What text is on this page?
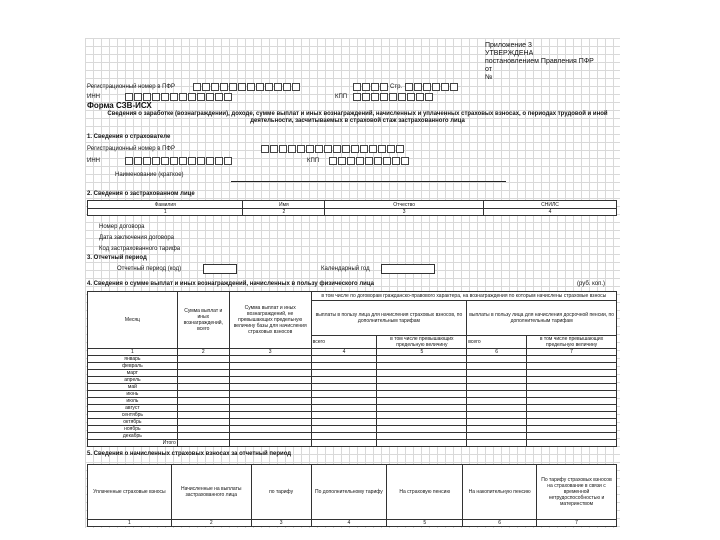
Приложение 3
УТВЕРЖДЕНА
постановлением Правления ПФР
от
№
Регистрационный номер в ПФР	Стр.
ИНН	КПП
Форма СЗВ-ИСХ
Сведения о заработке (вознаграждении), доходе, сумме выплат и иных вознаграждений, начисленных и уплаченных страховых взносах, о периодах трудовой и иной деятельности, засчитываемых в страховой стаж застрахованного лица
1. Сведения о страхователе
Регистрационный номер в ПФР
ИНН	КПП
Наименование (краткое)
2. Сведения о застрахованном лице
Фамилия	Имя	Отчество	СНИЛС
1	2	3	4
Номер договора
Дата заключения договора
Код застрахованного тарифа
3. Отчетный период
Отчетный период (код)	Календарный год
4. Сведения о сумме выплат и иных вознаграждений, начисленных в пользу физического лица	(руб. коп.)
Месяц	Сумма выплат и иных вознаграждений, всего	Сумма выплат и иных вознаграждений, не превышающих предельную величину базы для начисления страховых взносов	в том числе по договорам гражданско-правового характера, на вознаграждения по которым начислены страховые взносы			
			выплаты в пользу лица для начисления страховых взносов, по дополнительным тарифам		выплаты в пользу лица для начисления досрочной пенсии, по дополнительным тарифам	
			всего	в том числе превышающих предельную величину	всего	в том числе превышающих предельную величину
1	2	3	4	5	6	7
январь						
февраль						
март						
апрель						
май						
июнь						
июль						
август						
сентябрь						
октябрь						
ноябрь						
декабрь						
Итого						
5. Сведения о начисленных страховых взносах за отчетный период
Уплаченные страховые взносы	Начисленные на выплаты застрахованного лица	по тарифу	По дополнительному тарифу	На страховую пенсию	На накопительную пенсию	По тарифу страховых взносов на страхование в связи с временной нетрудоспособностью и материнством
1	2	3	4	5	6	7
